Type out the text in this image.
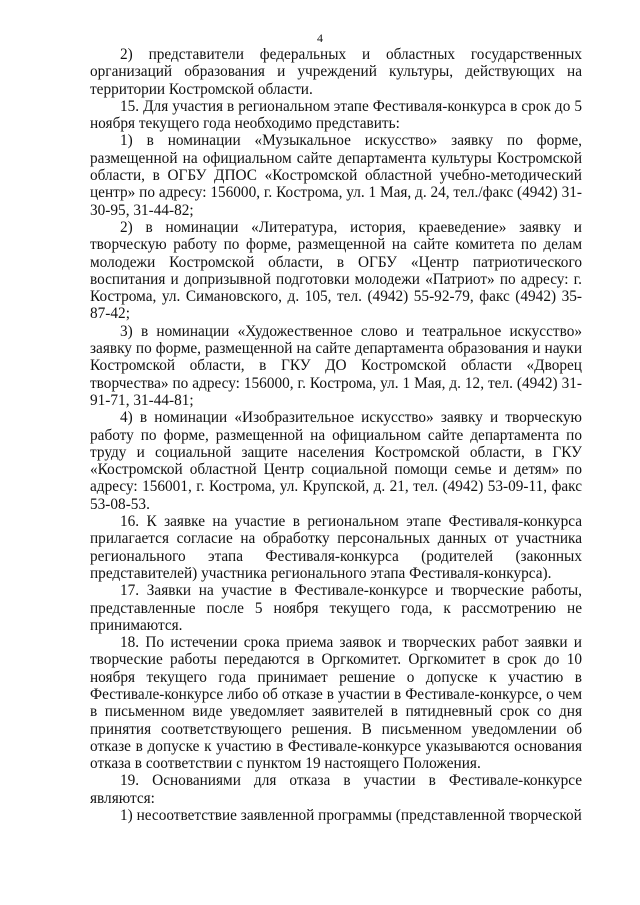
4

2) представители федеральных и областных государственных организаций образования и учреждений культуры, действующих на территории Костромской области.

15. Для участия в региональном этапе Фестиваля-конкурса в срок до 5 ноября текущего года необходимо представить:

1) в номинации «Музыкальное искусство» заявку по форме, размещенной на официальном сайте департамента культуры Костромской области, в ОГБУ ДПОС «Костромской областной учебно-методический центр» по адресу: 156000, г. Кострома, ул. 1 Мая, д. 24, тел./факс (4942) 31-30-95, 31-44-82;

2) в номинации «Литература, история, краеведение» заявку и творческую работу по форме, размещенной на сайте комитета по делам молодежи Костромской области, в ОГБУ «Центр патриотического воспитания и допризывной подготовки молодежи «Патриот» по адресу: г. Кострома, ул. Симановского, д. 105, тел. (4942) 55-92-79, факс (4942) 35-87-42;

3) в номинации «Художественное слово и театральное искусство» заявку по форме, размещенной на сайте департамента образования и науки Костромской области, в ГКУ ДО Костромской области «Дворец творчества» по адресу: 156000, г. Кострома, ул. 1 Мая, д. 12, тел. (4942) 31-91-71, 31-44-81;

4) в номинации «Изобразительное искусство» заявку и творческую работу по форме, размещенной на официальном сайте департамента по труду и социальной защите населения Костромской области, в ГКУ «Костромской областной Центр социальной помощи семье и детям» по адресу: 156001, г. Кострома, ул. Крупской, д. 21, тел. (4942) 53-09-11, факс 53-08-53.

16. К заявке на участие в региональном этапе Фестиваля-конкурса прилагается согласие на обработку персональных данных от участника регионального этапа Фестиваля-конкурса (родителей (законных представителей) участника регионального этапа Фестиваля-конкурса).

17. Заявки на участие в Фестивале-конкурсе и творческие работы, представленные после 5 ноября текущего года, к рассмотрению не принимаются.

18. По истечении срока приема заявок и творческих работ заявки и творческие работы передаются в Оргкомитет. Оргкомитет в срок до 10 ноября текущего года принимает решение о допуске к участию в Фестивале-конкурсе либо об отказе в участии в Фестивале-конкурсе, о чем в письменном виде уведомляет заявителей в пятидневный срок со дня принятия соответствующего решения. В письменном уведомлении об отказе в допуске к участию в Фестивале-конкурсе указываются основания отказа в соответствии с пунктом 19 настоящего Положения.

19. Основаниями для отказа в участии в Фестивале-конкурсе являются:

1) несоответствие заявленной программы (представленной творческой
